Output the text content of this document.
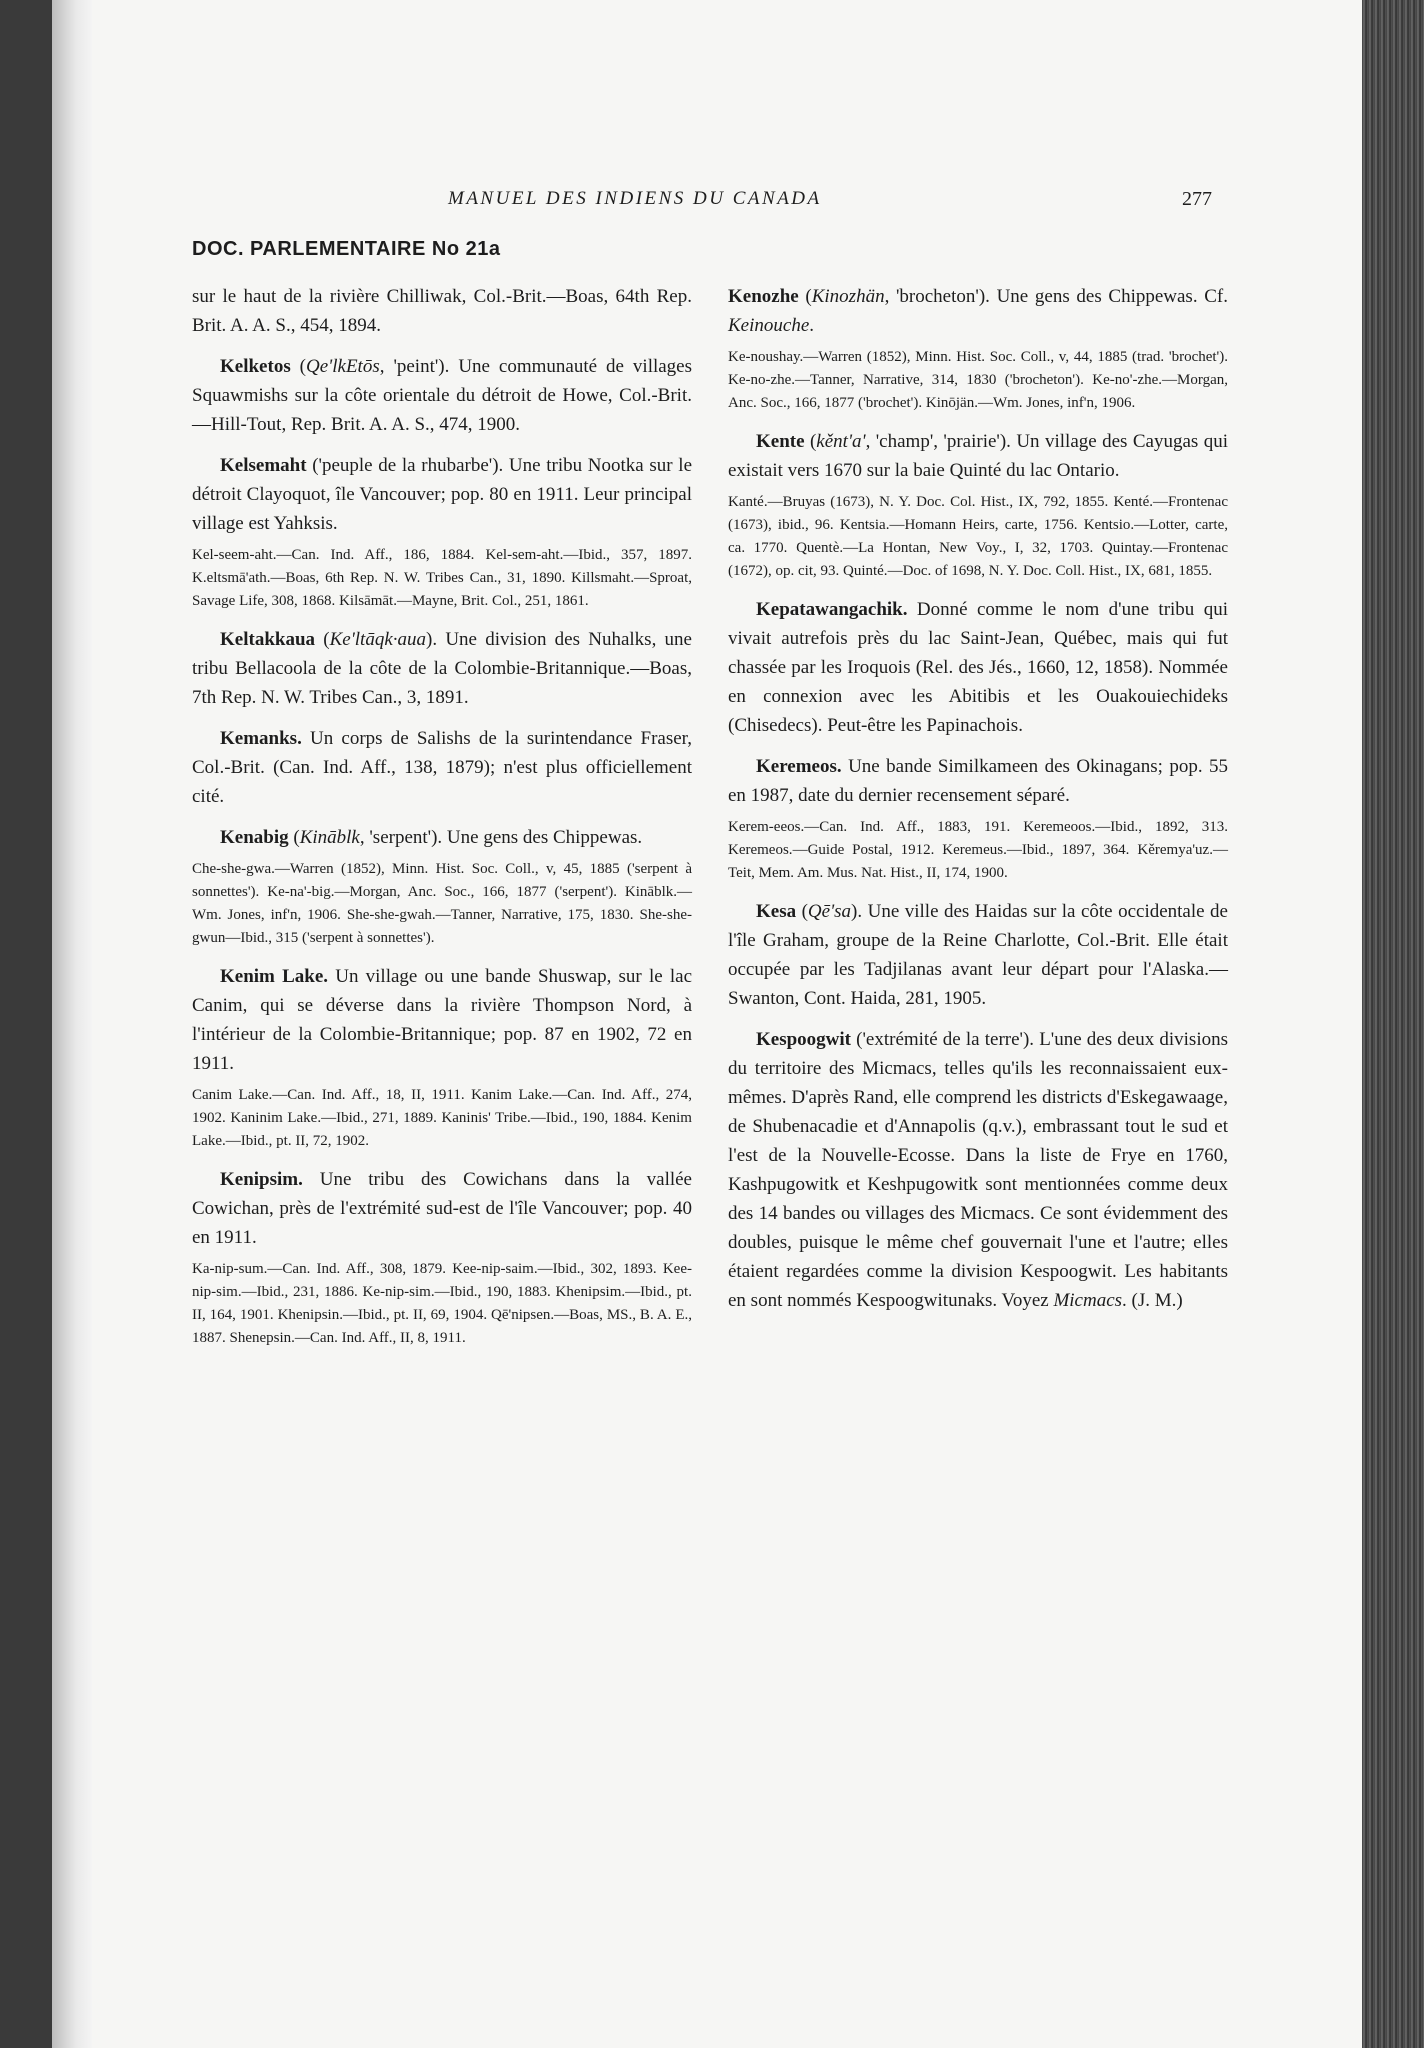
MANUEL DES INDIENS DU CANADA	277
DOC. PARLEMENTAIRE No 21a

sur le haut de la rivière Chilliwak, Col.-Brit.—Boas, 64th Rep. Brit. A. A. S., 454, 1894.

Kelketos (Qe'lkEtōs, 'peint'). Une communauté de villages Squawmishs sur la côte orientale du détroit de Howe, Col.-Brit.—Hill-Tout, Rep. Brit. A. A. S., 474, 1900.

Kelsemaht ('peuple de la rhubarbe'). Une tribu Nootka sur le détroit Clayoquot, île Vancouver; pop. 80 en 1911. Leur principal village est Yahksis.

Kel-seem-aht.—Can. Ind. Aff., 186, 1884. Kel-sem-aht.—Ibid., 357, 1897. K.eltsmā'ath.—Boas, 6th Rep. N. W. Tribes Can., 31, 1890. Killsmaht.—Sproat, Savage Life, 308, 1868. Kilsāmāt.—Mayne, Brit. Col., 251, 1861.

Keltakkaua (Ke'ltāqk·aua). Une division des Nuhalks, une tribu Bellacoola de la côte de la Colombie-Britannique.—Boas, 7th Rep. N. W. Tribes Can., 3, 1891.

Kemanks. Un corps de Salishs de la surintendance Fraser, Col.-Brit. (Can. Ind. Aff., 138, 1879); n'est plus officiellement cité.

Kenabig (Kināblk, 'serpent'). Une gens des Chippewas.

Che-she-gwa.—Warren (1852), Minn. Hist. Soc. Coll., v, 45, 1885 ('serpent à sonnettes'). Ke-na'-big.—Morgan, Anc. Soc., 166, 1877 ('serpent'). Kināblk.—Wm. Jones, inf'n, 1906. She-she-gwah.—Tanner, Narrative, 175, 1830. She-she-gwun—Ibid., 315 ('serpent à sonnettes').

Kenim Lake. Un village ou une bande Shuswap, sur le lac Canim, qui se déverse dans la rivière Thompson Nord, à l'intérieur de la Colombie-Britannique; pop. 87 en 1902, 72 en 1911.

Canim Lake.—Can. Ind. Aff., 18, II, 1911. Kanim Lake.—Can. Ind. Aff., 274, 1902. Kaninim Lake.—Ibid., 271, 1889. Kaninis' Tribe.—Ibid., 190, 1884. Kenim Lake.—Ibid., pt. II, 72, 1902.

Kenipsim. Une tribu des Cowichans dans la vallée Cowichan, près de l'extrémité sud-est de l'île Vancouver; pop. 40 en 1911.

Ka-nip-sum.—Can. Ind. Aff., 308, 1879. Kee-nip-saim.—Ibid., 302, 1893. Kee-nip-sim.—Ibid., 231, 1886. Ke-nip-sim.—Ibid., 190, 1883. Khenipsim.—Ibid., pt. II, 164, 1901. Khenipsin.—Ibid., pt. II, 69, 1904. Qē'nipsen.—Boas, MS., B. A. E., 1887. Shenepsin.—Can. Ind. Aff., II, 8, 1911.

Kenozhe (Kinozhän, 'brocheton'). Une gens des Chippewas. Cf. Keinouche.

Ke-noushay.—Warren (1852), Minn. Hist. Soc. Coll., v, 44, 1885 (trad. 'brochet'). Ke-no-zhe.—Tanner, Narrative, 314, 1830 ('brocheton'). Ke-no'-zhe.—Morgan, Anc. Soc., 166, 1877 ('brochet'). Kinōjän.—Wm. Jones, inf'n, 1906.

Kente (kěnt'a', 'champ', 'prairie'). Un village des Cayugas qui existait vers 1670 sur la baie Quinté du lac Ontario.

Kanté.—Bruyas (1673), N. Y. Doc. Col. Hist., IX, 792, 1855. Kenté.—Frontenac (1673), ibid., 96. Kentsia.—Homann Heirs, carte, 1756. Kentsio.—Lotter, carte, ca. 1770. Quentè.—La Hontan, New Voy., I, 32, 1703. Quintay.—Frontenac (1672), op. cit, 93. Quinté.—Doc. of 1698, N. Y. Doc. Coll. Hist., IX, 681, 1855.

Kepatawangachik. Donné comme le nom d'une tribu qui vivait autrefois près du lac Saint-Jean, Québec, mais qui fut chassée par les Iroquois (Rel. des Jés., 1660, 12, 1858). Nommée en connexion avec les Abitibis et les Ouakouiechideks (Chisedecs). Peut-être les Papinachois.

Keremeos. Une bande Similkameen des Okinagans; pop. 55 en 1987, date du dernier recensement séparé.

Kerem-eeos.—Can. Ind. Aff., 1883, 191. Keremeoos.—Ibid., 1892, 313. Keremeos.—Guide Postal, 1912. Keremeus.—Ibid., 1897, 364. Kěremya'uz.—Teit, Mem. Am. Mus. Nat. Hist., II, 174, 1900.

Kesa (Qē'sa). Une ville des Haidas sur la côte occidentale de l'île Graham, groupe de la Reine Charlotte, Col.-Brit. Elle était occupée par les Tadjilanas avant leur départ pour l'Alaska.—Swanton, Cont. Haida, 281, 1905.

Kespoogwit ('extrémité de la terre'). L'une des deux divisions du territoire des Micmacs, telles qu'ils les reconnaissaient eux-mêmes. D'après Rand, elle comprend les districts d'Eskegawaage, de Shubenacadie et d'Annapolis (q.v.), embrassant tout le sud et l'est de la Nouvelle-Ecosse. Dans la liste de Frye en 1760, Kashpugowitk et Keshpugowitk sont mentionnées comme deux des 14 bandes ou villages des Micmacs. Ce sont évidemment des doubles, puisque le même chef gouvernait l'une et l'autre; elles étaient regardées comme la division Kespoogwit. Les habitants en sont nommés Kespoogwitunaks. Voyez Micmacs. (J. M.)
